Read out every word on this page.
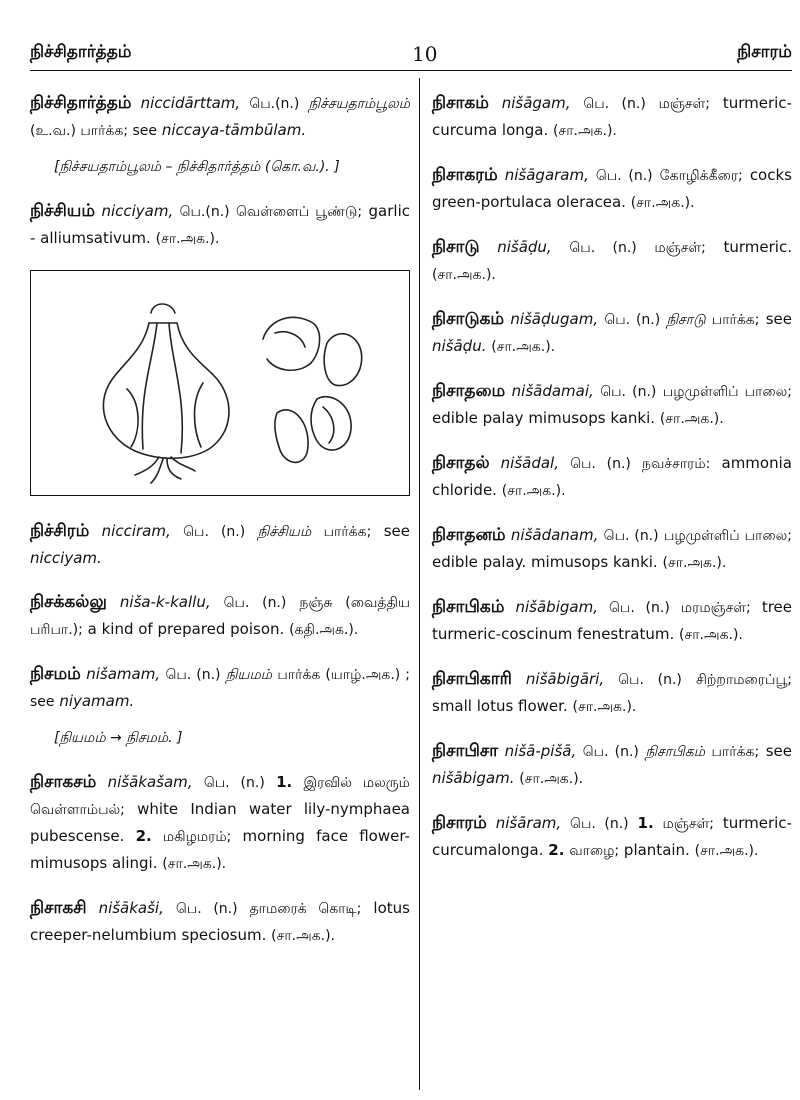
நிச்சிதார்த்தம்	10	நிசாரம்

நிச்சிதார்த்தம் niccidārttam, பெ.(n.) நிச்சயதாம்பூலம் (உ.வ.) பார்க்க; see niccaya-tāmbūlam.

[நிச்சயதாம்பூலம் – நிச்சிதார்த்தம் (கொ.வ.). ]

நிச்சியம் nicciyam, பெ.(n.) வெள்ளைப் பூண்டு; garlic - alliumsativum. (சா.அக.).

நிச்சிரம் nicciram, பெ. (n.) நிச்சியம் பார்க்க; see nicciyam.

நிசக்கல்லு niša-k-kallu, பெ. (n.) நஞ்சு (வைத்திய பரிபா.); a kind of prepared poison. (கதி.அக.).

நிசமம் nišamam, பெ. (n.) நியமம் பார்க்க (யாழ்.அக.) ; see niyamam.

[நியமம் → நிசமம். ]

நிசாகசம் nišākašam, பெ. (n.) 1. இரவில் மலரும் வெள்ளாம்பல்; white Indian water lily-nymphaea pubescense. 2. மகிழமரம்; morning face flower-mimusops alingi. (சா.அக.).

நிசாகசி nišākaši, பெ. (n.) தாமரைக் கொடி; lotus creeper-nelumbium speciosum. (சா.அக.).

நிசாகம் nišāgam, பெ. (n.) மஞ்சள்; turmeric-curcuma longa. (சா.அக.).

நிசாகரம் nišāgaram, பெ. (n.) கோழிக்கீரை; cocks green-portulaca oleracea. (சா.அக.).

நிசாடு nišāḍu, பெ. (n.) மஞ்சள்; turmeric. (சா.அக.).

நிசாடுகம் nišāḍugam, பெ. (n.) நிசாடு பார்க்க; see nišāḍu. (சா.அக.).

நிசாதமை nišādamai, பெ. (n.) பழமுள்ளிப் பாலை; edible palay mimusops kanki. (சா.அக.).

நிசாதல் nišādal, பெ. (n.) நவச்சாரம்: ammonia chloride. (சா.அக.).

நிசாதனம் nišādanam, பெ. (n.) பழமுள்ளிப் பாலை; edible palay. mimusops kanki. (சா.அக.).

நிசாபிகம் nišābigam, பெ. (n.) மரமஞ்சள்; tree turmeric-coscinum fenestratum. (சா.அக.).

நிசாபிகாரி nišābigāri, பெ. (n.) சிற்றாமரைப்பூ; small lotus flower. (சா.அக.).

நிசாபிசா nišā-pišā, பெ. (n.) நிசாபிகம் பார்க்க; see nišābigam. (சா.அக.).

நிசாரம் nišāram, பெ. (n.) 1. மஞ்சள்; turmeric-curcumalonga. 2. வாழை; plantain. (சா.அக.).
